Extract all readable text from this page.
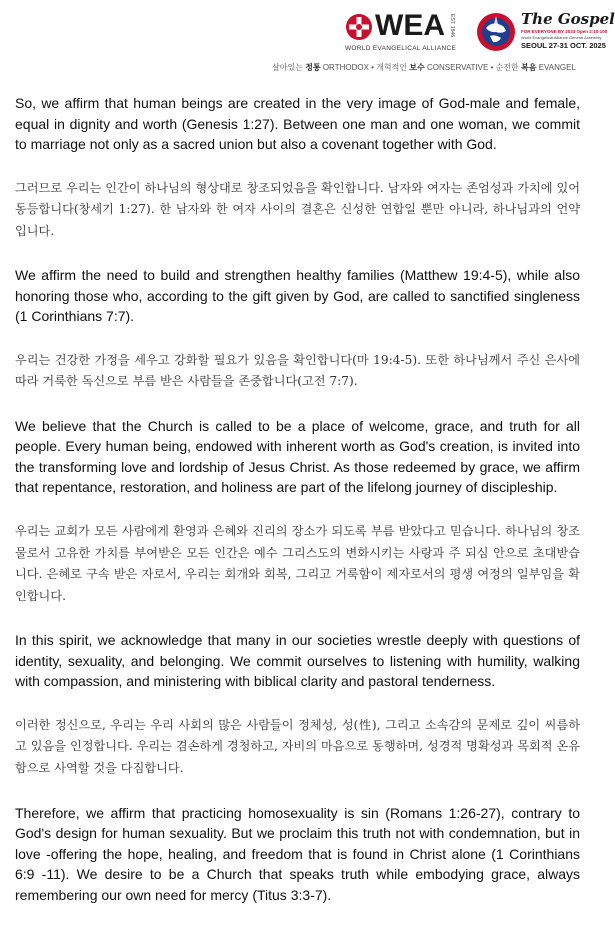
WEA EST. 1846
WORLD EVANGELICAL ALLIANCE
The Gospel
FOR EVERYONE BY 2033 Open 2:10-100
World Evangelical Alliance General Assembly
SEOUL 27-31 OCT. 2025
살아있는 정통 ORTHODOX • 개혁적인 보수 CONSERVATIVE • 순전한 복음 EVANGEL

So, we affirm that human beings are created in the very image of God-male and female, equal in dignity and worth (Genesis 1:27). Between one man and one woman, we commit to marriage not only as a sacred union but also a covenant together with God.

그러므로 우리는 인간이 하나님의 형상대로 창조되었음을 확인합니다. 남자와 여자는 존엄성과 가치에 있어 동등합니다(창세기 1:27). 한 남자와 한 여자 사이의 결혼은 신성한 연합일 뿐만 아니라, 하나님과의 언약입니다.

We affirm the need to build and strengthen healthy families (Matthew 19:4-5), while also honoring those who, according to the gift given by God, are called to sanctified singleness (1 Corinthians 7:7).

우리는 건강한 가정을 세우고 강화할 필요가 있음을 확인합니다(마 19:4-5). 또한 하나님께서 주신 은사에 따라 거룩한 독신으로 부름 받은 사람들을 존중합니다(고전 7:7).

We believe that the Church is called to be a place of welcome, grace, and truth for all people. Every human being, endowed with inherent worth as God's creation, is invited into the transforming love and lordship of Jesus Christ. As those redeemed by grace, we affirm that repentance, restoration, and holiness are part of the lifelong journey of discipleship.

우리는 교회가 모든 사람에게 환영과 은혜와 진리의 장소가 되도록 부름 받았다고 믿습니다. 하나님의 창조물로서 고유한 가치를 부여받은 모든 인간은 예수 그리스도의 변화시키는 사랑과 주 되심 안으로 초대받습니다. 은혜로 구속 받은 자로서, 우리는 회개와 회복, 그리고 거룩함이 제자로서의 평생 여정의 일부임을 확인합니다.

In this spirit, we acknowledge that many in our societies wrestle deeply with questions of identity, sexuality, and belonging. We commit ourselves to listening with humility, walking with compassion, and ministering with biblical clarity and pastoral tenderness.

이러한 정신으로, 우리는 우리 사회의 많은 사람들이 정체성, 성(性), 그리고 소속감의 문제로 깊이 씨름하고 있음을 인정합니다. 우리는 겸손하게 경청하고, 자비의 마음으로 동행하며, 성경적 명확성과 목회적 온유함으로 사역할 것을 다짐합니다.

Therefore, we affirm that practicing homosexuality is sin (Romans 1:26-27), contrary to God's design for human sexuality. But we proclaim this truth not with condemnation, but in love -offering the hope, healing, and freedom that is found in Christ alone (1 Corinthians 6:9 -11). We desire to be a Church that speaks truth while embodying grace, always remembering our own need for mercy (Titus 3:3-7).
